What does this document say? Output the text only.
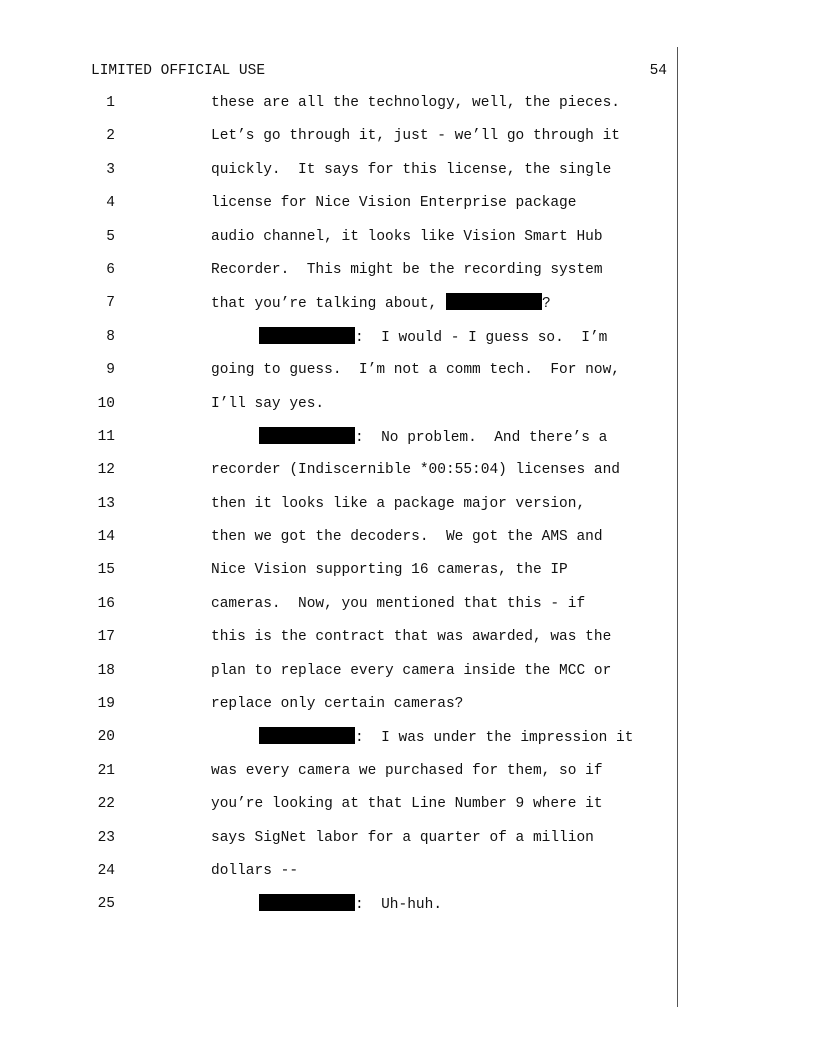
LIMITED OFFICIAL USE	54
1	these are all the technology, well, the pieces.
2	Let’s go through it, just - we’ll go through it
3	quickly.  It says for this license, the single
4	license for Nice Vision Enterprise package
5	audio channel, it looks like Vision Smart Hub
6	Recorder.  This might be the recording system
7	that you’re talking about,	?
8	:  I would - I guess so.  I’m
9	going to guess.  I’m not a comm tech.  For now,
10	I’ll say yes.
11	:  No problem.  And there’s a
12	recorder (Indiscernible *00:55:04) licenses and
13	then it looks like a package major version,
14	then we got the decoders.  We got the AMS and
15	Nice Vision supporting 16 cameras, the IP
16	cameras.  Now, you mentioned that this - if
17	this is the contract that was awarded, was the
18	plan to replace every camera inside the MCC or
19	replace only certain cameras?
20	:  I was under the impression it
21	was every camera we purchased for them, so if
22	you’re looking at that Line Number 9 where it
23	says SigNet labor for a quarter of a million
24	dollars --
25	:  Uh-huh.
